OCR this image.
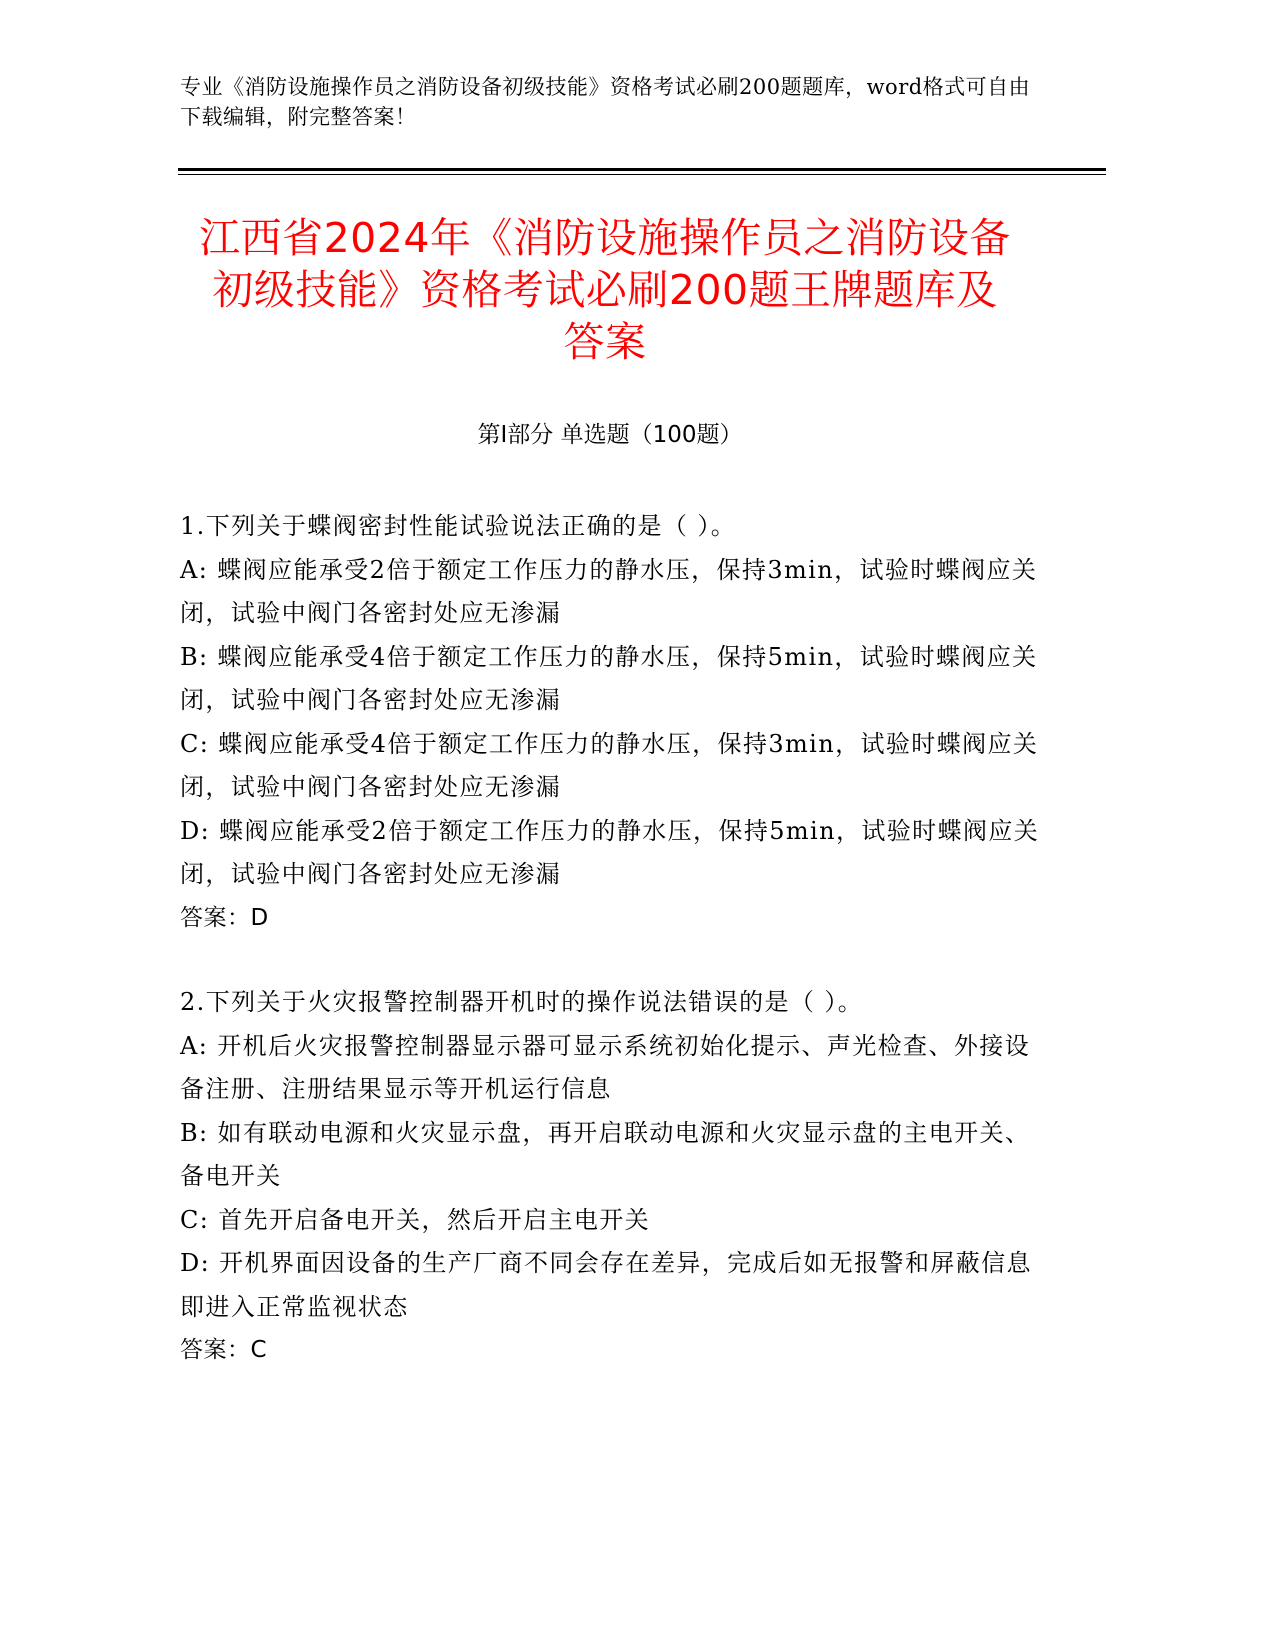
专业《消防设施操作员之消防设备初级技能》资格考试必刷200题题库，word格式可自由下载编辑，附完整答案！
江西省2024年《消防设施操作员之消防设备
初级技能》资格考试必刷200题王牌题库及
答案
第I部分 单选题（100题）

1.下列关于蝶阀密封性能试验说法正确的是（ ）。

A: 蝶阀应能承受2倍于额定工作压力的静水压，保持3min，试验时蝶阀应关闭，试验中阀门各密封处应无渗漏

B: 蝶阀应能承受4倍于额定工作压力的静水压，保持5min，试验时蝶阀应关闭，试验中阀门各密封处应无渗漏

C: 蝶阀应能承受4倍于额定工作压力的静水压，保持3min，试验时蝶阀应关闭，试验中阀门各密封处应无渗漏

D: 蝶阀应能承受2倍于额定工作压力的静水压，保持5min，试验时蝶阀应关闭，试验中阀门各密封处应无渗漏

答案：D

2.下列关于火灾报警控制器开机时的操作说法错误的是（ ）。

A: 开机后火灾报警控制器显示器可显示系统初始化提示、声光检查、外接设备注册、注册结果显示等开机运行信息

B: 如有联动电源和火灾显示盘，再开启联动电源和火灾显示盘的主电开关、备电开关

C: 首先开启备电开关，然后开启主电开关

D: 开机界面因设备的生产厂商不同会存在差异，完成后如无报警和屏蔽信息即进入正常监视状态

答案：C
